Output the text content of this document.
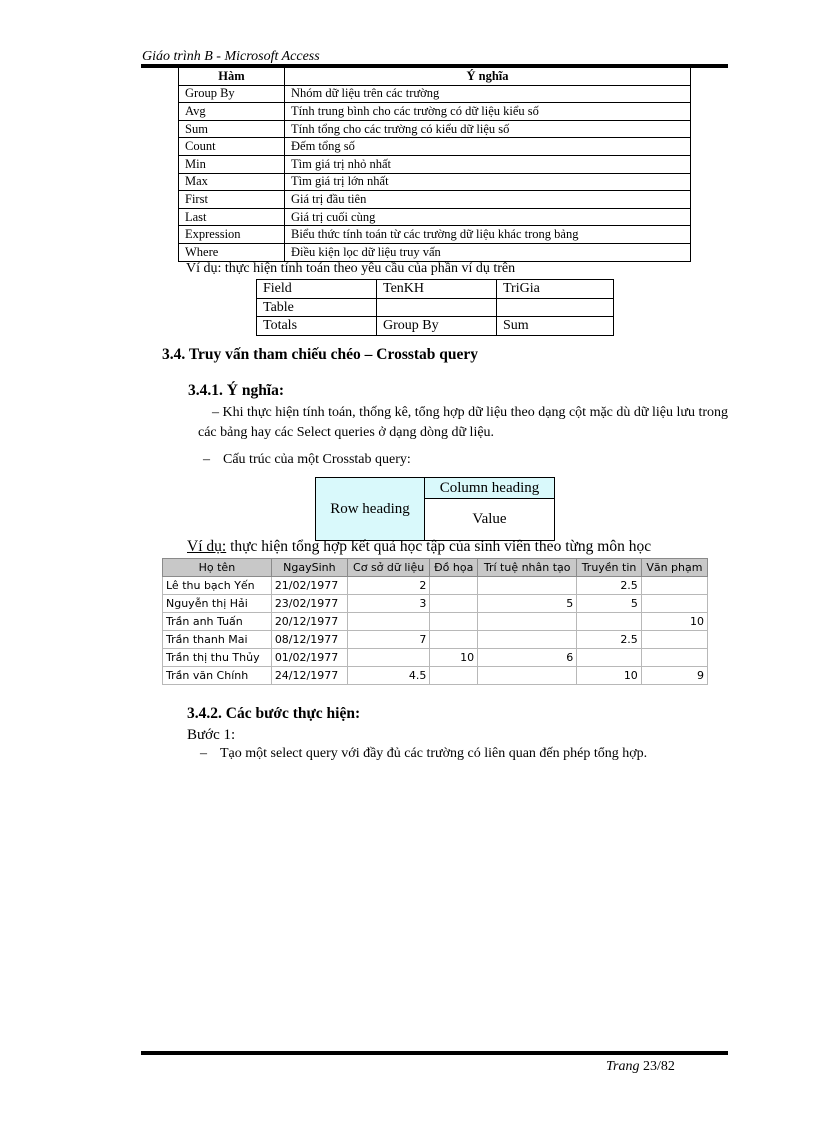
Giáo trình B - Microsoft Access
Hàm	Ý nghĩa
Group By	Nhóm dữ liệu trên các trường
Avg	Tính trung bình cho các trường có dữ liệu kiểu số
Sum	Tính tổng cho các trường có kiểu dữ liệu số
Count	Đếm tổng số
Min	Tìm giá trị nhỏ nhất
Max	Tìm giá trị lớn nhất
First	Giá trị đầu tiên
Last	Giá trị cuối cùng
Expression	Biểu thức tính toán từ các trường dữ liệu khác trong bảng
Where	Điều kiện lọc dữ liệu truy vấn
Ví dụ: thực hiện tính toán theo yêu cầu của phần ví dụ trên
Field	TenKH	TriGia
Table		
Totals	Group By	Sum
3.4. Truy vấn tham chiếu chéo – Crosstab query
3.4.1. Ý nghĩa:
– Khi thực hiện tính toán, thống kê, tổng hợp dữ liệu theo dạng cột mặc dù dữ liệu lưu trong các bảng hay các Select queries ở dạng dòng dữ liệu.
– Cấu trúc của một Crosstab query:
Row heading
Column heading
Value
Ví dụ: thực hiện tổng hợp kết quả học tập của sinh viên theo từng môn học
Họ tên	NgaySinh	Cơ sở dữ liệu	Đồ họa	Trí tuệ nhân tạo	Truyền tin	Văn phạm
Lê thu bạch Yến	21/02/1977	2			2.5	
Nguyễn thị Hải	23/02/1977	3		5	5	
Trần anh Tuấn	20/12/1977					10
Trần thanh Mai	08/12/1977	7			2.5	
Trần thị thu Thủy	01/02/1977		10	6		
Trần văn Chính	24/12/1977	4.5			10	9
3.4.2. Các bước thực hiện:
Bước 1:
– Tạo một select query với đầy đủ các trường có liên quan đến phép tổng hợp.
Trang 23/82
